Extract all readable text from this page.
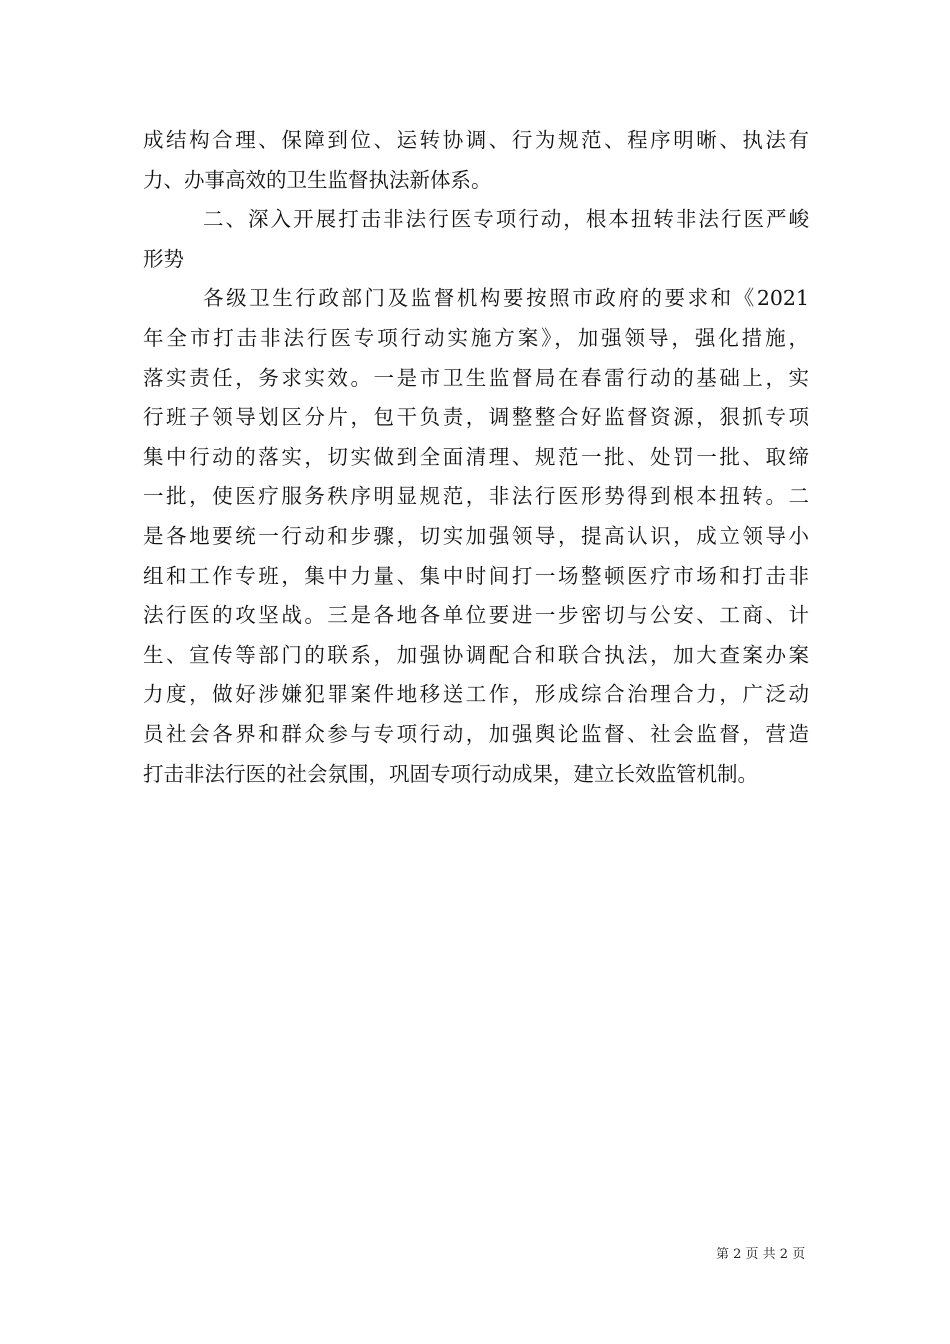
成结构合理、保障到位、运转协调、行为规范、程序明晰、执法有
力、办事高效的卫生监督执法新体系。
二、深入开展打击非法行医专项行动，根本扭转非法行医严峻
形势
各级卫生行政部门及监督机构要按照市政府的要求和《2021
年全市打击非法行医专项行动实施方案》，加强领导，强化措施，
落实责任，务求实效。一是市卫生监督局在春雷行动的基础上，实
行班子领导划区分片，包干负责，调整整合好监督资源，狠抓专项
集中行动的落实，切实做到全面清理、规范一批、处罚一批、取缔
一批，使医疗服务秩序明显规范，非法行医形势得到根本扭转。二
是各地要统一行动和步骤，切实加强领导，提高认识，成立领导小
组和工作专班，集中力量、集中时间打一场整顿医疗市场和打击非
法行医的攻坚战。三是各地各单位要进一步密切与公安、工商、计
生、宣传等部门的联系，加强协调配合和联合执法，加大查案办案
力度，做好涉嫌犯罪案件地移送工作，形成综合治理合力，广泛动
员社会各界和群众参与专项行动，加强舆论监督、社会监督，营造
打击非法行医的社会氛围，巩固专项行动成果，建立长效监管机制。
第 2 页 共 2 页
